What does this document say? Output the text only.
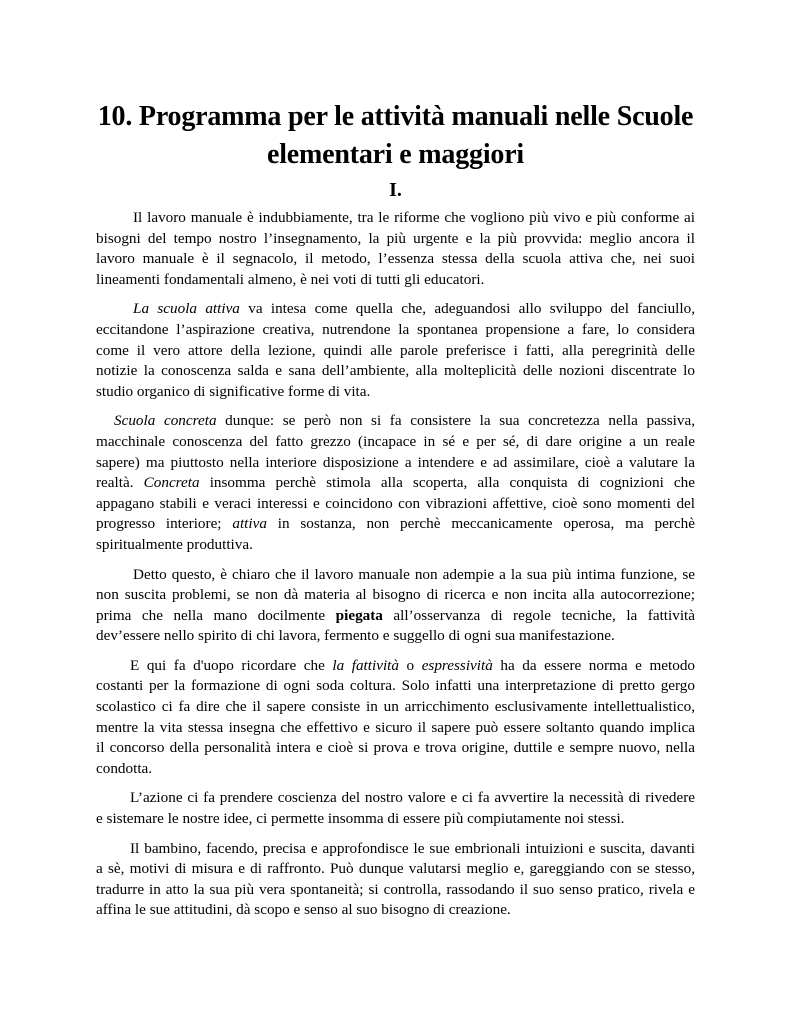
10. Programma per le attività manuali nelle Scuole
elementari e maggiori
I.
Il lavoro manuale è indubbiamente, tra le riforme che vogliono più vivo e più conforme ai
bisogni del tempo nostro l’insegnamento, la più urgente e la più provvida: meglio ancora il
lavoro manuale è il segnacolo, il metodo, l’essenza stessa della scuola attiva che, nei suoi
lineamenti fondamentali almeno, è nei voti di tutti gli educatori.
La scuola attiva va intesa come quella che, adeguandosi allo sviluppo del fanciullo,
eccitandone l’aspirazione creativa, nutrendone la spontanea propensione a fare, lo considera
come il vero attore della lezione, quindi alle parole preferisce i fatti, alla peregrinità delle
notizie la conoscenza salda e sana dell’ambiente, alla molteplicità delle nozioni discentrate lo
studio organico di significative forme di vita.
Scuola concreta dunque: se però non si fa consistere la sua concretezza nella passiva,
macchinale conoscenza del fatto grezzo (incapace in sé e per sé, di dare origine a un reale
sapere) ma piuttosto nella interiore disposizione a intendere e ad assimilare, cioè a valutare la
realtà. Concreta insomma perchè stimola alla scoperta, alla conquista di cognizioni che
appagano stabili e veraci interessi e coincidono con vibrazioni affettive, cioè sono momenti del
progresso interiore; attiva in sostanza, non perchè meccanicamente operosa, ma perchè
spiritualmente produttiva.
Detto questo, è chiaro che il lavoro manuale non adempie a la sua più intima funzione, se
non suscita problemi, se non dà materia al bisogno di ricerca e non incita alla autocorrezione;
prima che nella mano docilmente piegata all’osservanza di regole tecniche, la fattività
dev’essere nello spirito di chi lavora, fermento e suggello di ogni sua manifestazione.
E qui fa d'uopo ricordare che la fattività o espressività ha da essere norma e metodo
costanti per la formazione di ogni soda coltura. Solo infatti una interpretazione di pretto gergo
scolastico ci fa dire che il sapere consiste in un arricchimento esclusivamente intellettualistico,
mentre la vita stessa insegna che effettivo e sicuro il sapere può essere soltanto quando implica
il concorso della personalità intera e cioè si prova e trova origine, duttile e sempre nuovo, nella
condotta.
L’azione ci fa prendere coscienza del nostro valore e ci fa avvertire la necessità di rivedere
e sistemare le nostre idee, ci permette insomma di essere più compiutamente noi stessi.
Il bambino, facendo, precisa e approfondisce le sue embrionali intuizioni e suscita, davanti
a sè, motivi di misura e di raffronto. Può dunque valutarsi meglio e, gareggiando con se stesso,
tradurre in atto la sua più vera spontaneità; si controlla, rassodando il suo senso pratico, rivela e
affina le sue attitudini, dà scopo e senso al suo bisogno di creazione.
